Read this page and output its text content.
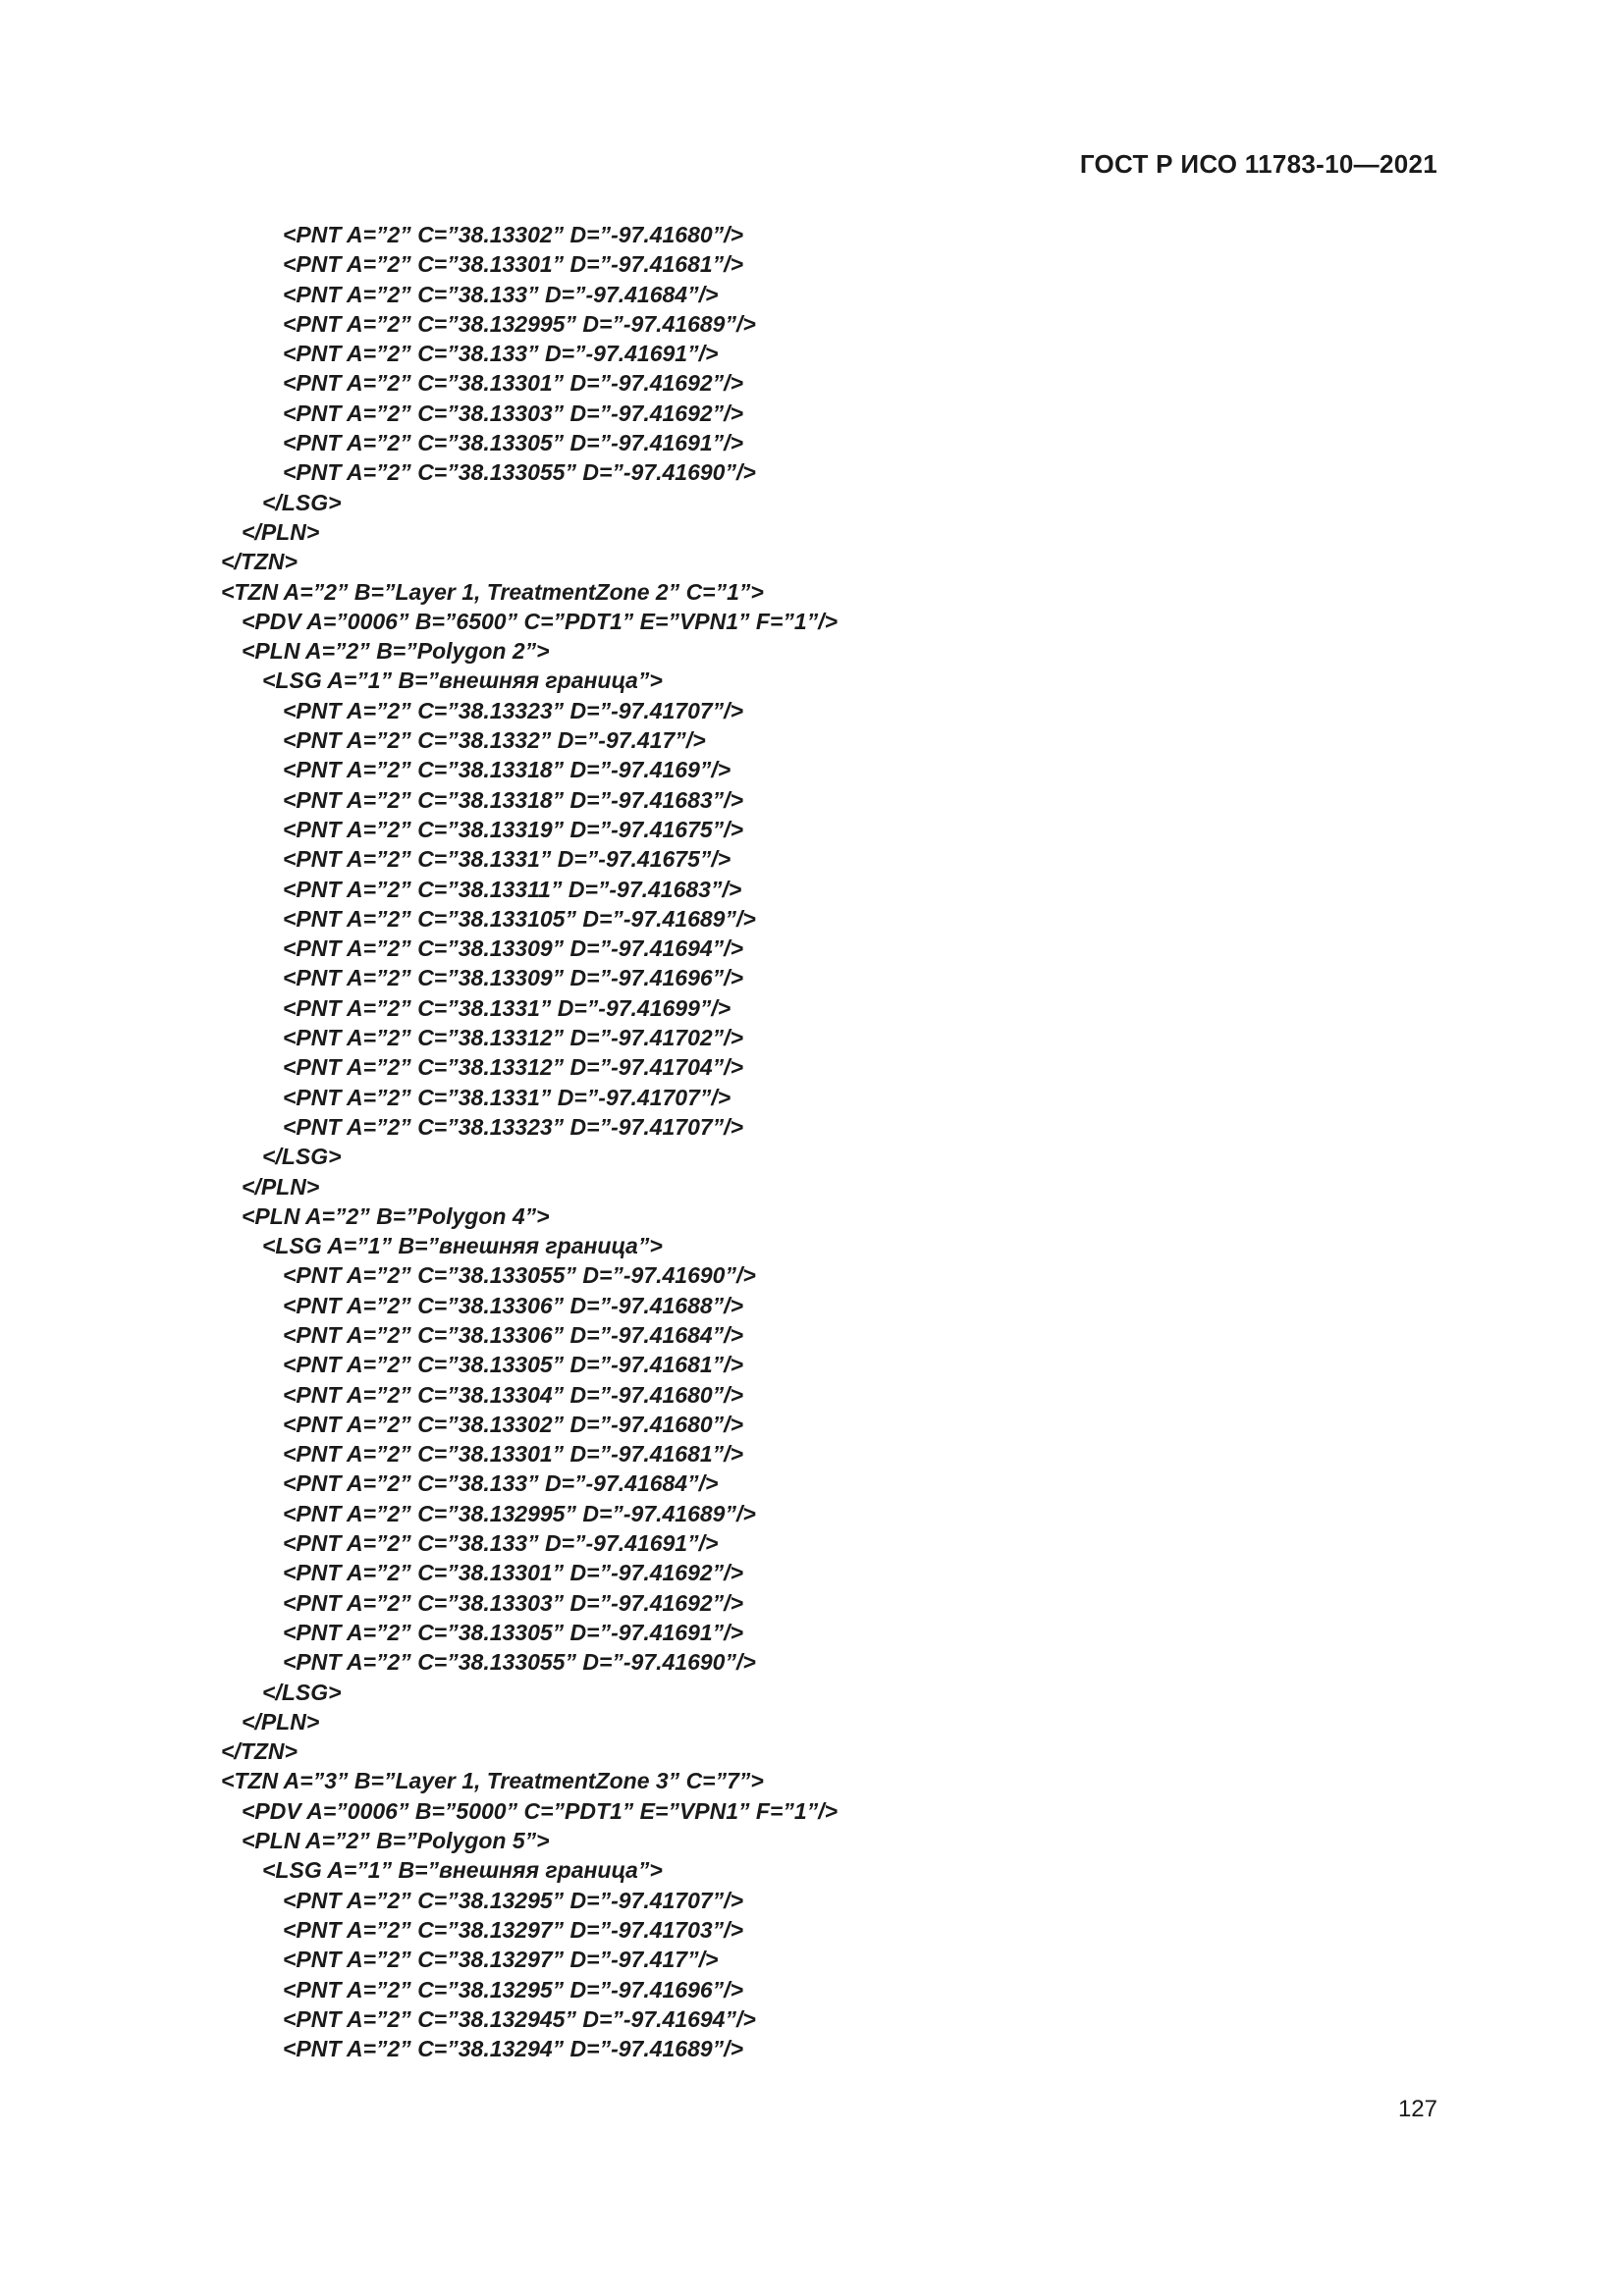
ГОСТ Р ИСО 11783-10—2021
<PNT A=”2” C=”38.13302” D=”-97.41680”/>
<PNT A=”2” C=”38.13301” D=”-97.41681”/>
<PNT A=”2” C=”38.133” D=”-97.41684”/>
<PNT A=”2” C=”38.132995” D=”-97.41689”/>
<PNT A=”2” C=”38.133” D=”-97.41691”/>
<PNT A=”2” C=”38.13301” D=”-97.41692”/>
<PNT A=”2” C=”38.13303” D=”-97.41692”/>
<PNT A=”2” C=”38.13305” D=”-97.41691”/>
<PNT A=”2” C=”38.133055” D=”-97.41690”/>
</LSG>
</PLN>
</TZN>
<TZN A=”2” B=”Layer 1, TreatmentZone 2” C=”1”>
<PDV A=”0006” B=”6500” C=”PDT1” E=”VPN1” F=”1”/>
<PLN A=”2” B=”Polygon 2”>
<LSG A=”1” B=”внешняя граница”>
<PNT A=”2” C=”38.13323” D=”-97.41707”/>
<PNT A=”2” C=”38.1332” D=”-97.417”/>
<PNT A=”2” C=”38.13318” D=”-97.4169”/>
<PNT A=”2” C=”38.13318” D=”-97.41683”/>
<PNT A=”2” C=”38.13319” D=”-97.41675”/>
<PNT A=”2” C=”38.1331” D=”-97.41675”/>
<PNT A=”2” C=”38.13311” D=”-97.41683”/>
<PNT A=”2” C=”38.133105” D=”-97.41689”/>
<PNT A=”2” C=”38.13309” D=”-97.41694”/>
<PNT A=”2” C=”38.13309” D=”-97.41696”/>
<PNT A=”2” C=”38.1331” D=”-97.41699”/>
<PNT A=”2” C=”38.13312” D=”-97.41702”/>
<PNT A=”2” C=”38.13312” D=”-97.41704”/>
<PNT A=”2” C=”38.1331” D=”-97.41707”/>
<PNT A=”2” C=”38.13323” D=”-97.41707”/>
</LSG>
</PLN>
<PLN A=”2” B=”Polygon 4”>
<LSG A=”1” B=”внешняя граница”>
<PNT A=”2” C=”38.133055” D=”-97.41690”/>
<PNT A=”2” C=”38.13306” D=”-97.41688”/>
<PNT A=”2” C=”38.13306” D=”-97.41684”/>
<PNT A=”2” C=”38.13305” D=”-97.41681”/>
<PNT A=”2” C=”38.13304” D=”-97.41680”/>
<PNT A=”2” C=”38.13302” D=”-97.41680”/>
<PNT A=”2” C=”38.13301” D=”-97.41681”/>
<PNT A=”2” C=”38.133” D=”-97.41684”/>
<PNT A=”2” C=”38.132995” D=”-97.41689”/>
<PNT A=”2” C=”38.133” D=”-97.41691”/>
<PNT A=”2” C=”38.13301” D=”-97.41692”/>
<PNT A=”2” C=”38.13303” D=”-97.41692”/>
<PNT A=”2” C=”38.13305” D=”-97.41691”/>
<PNT A=”2” C=”38.133055” D=”-97.41690”/>
</LSG>
</PLN>
</TZN>
<TZN A=”3” B=”Layer 1, TreatmentZone 3” C=”7”>
<PDV A=”0006” B=”5000” C=”PDT1” E=”VPN1” F=”1”/>
<PLN A=”2” B=”Polygon 5”>
<LSG A=”1” B=”внешняя граница”>
<PNT A=”2” C=”38.13295” D=”-97.41707”/>
<PNT A=”2” C=”38.13297” D=”-97.41703”/>
<PNT A=”2” C=”38.13297” D=”-97.417”/>
<PNT A=”2” C=”38.13295” D=”-97.41696”/>
<PNT A=”2” C=”38.132945” D=”-97.41694”/>
<PNT A=”2” C=”38.13294” D=”-97.41689”/>
127
